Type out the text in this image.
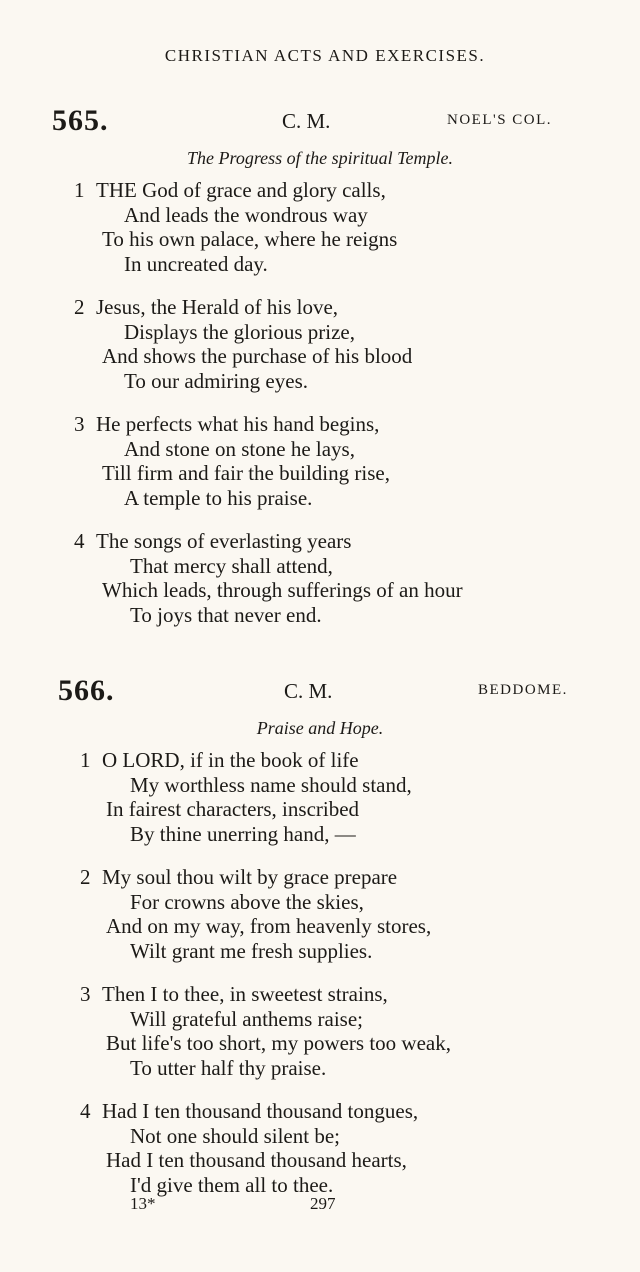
CHRISTIAN ACTS AND EXERCISES.
565.	C. M.	NOEL'S COL.
The Progress of the spiritual Temple.
1 THE God of grace and glory calls,
And leads the wondrous way
To his own palace, where he reigns
In uncreated day.
2 Jesus, the Herald of his love,
Displays the glorious prize,
And shows the purchase of his blood
To our admiring eyes.
3 He perfects what his hand begins,
And stone on stone he lays,
Till firm and fair the building rise,
A temple to his praise.
4 The songs of everlasting years
That mercy shall attend,
Which leads, through sufferings of an hour
To joys that never end.
566.	C. M.	BEDDOME.
Praise and Hope.
1 O LORD, if in the book of life
My worthless name should stand,
In fairest characters, inscribed
By thine unerring hand, —
2 My soul thou wilt by grace prepare
For crowns above the skies,
And on my way, from heavenly stores,
Wilt grant me fresh supplies.
3 Then I to thee, in sweetest strains,
Will grateful anthems raise;
But life's too short, my powers too weak,
To utter half thy praise.
4 Had I ten thousand thousand tongues,
Not one should silent be;
Had I ten thousand thousand hearts,
I'd give them all to thee.
13*	297
